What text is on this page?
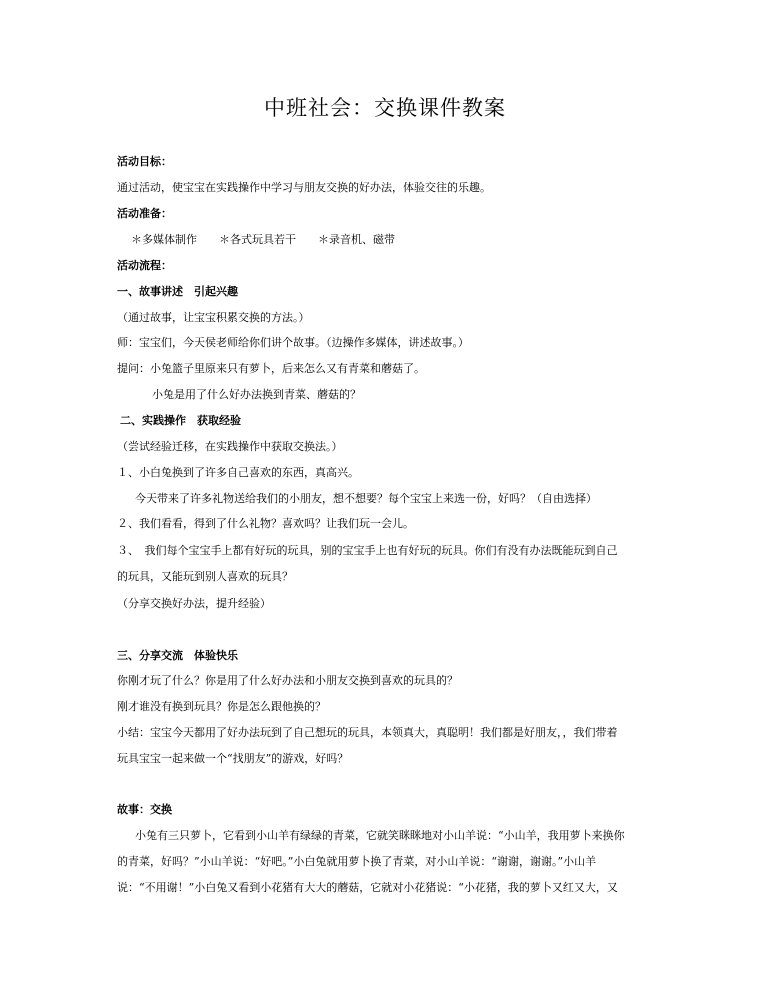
中班社会：交换课件教案
活动目标：
通过活动，使宝宝在实践操作中学习与朋友交换的好办法，体验交往的乐趣。
活动准备：
＊多媒体制作　　＊各式玩具若干　　＊录音机、磁带
活动流程：
一、故事讲述　引起兴趣
（通过故事，让宝宝积累交换的方法。）
师：宝宝们，今天侯老师给你们讲个故事。（边操作多媒体，讲述故事。）
提问：小兔篮子里原来只有萝卜，后来怎么又有青菜和蘑菇了。
小兔是用了什么好办法换到青菜、蘑菇的？
二、实践操作　获取经验
（尝试经验迁移，在实践操作中获取交换法。）
１、小白兔换到了许多自己喜欢的东西，真高兴。
今天带来了许多礼物送给我们的小朋友，想不想要？每个宝宝上来选一份，好吗？（自由选择）
２、我们看看，得到了什么礼物？喜欢吗？让我们玩一会儿。
３、　我们每个宝宝手上都有好玩的玩具，别的宝宝手上也有好玩的玩具。你们有没有办法既能玩到自己
的玩具，又能玩到别人喜欢的玩具？
（分享交换好办法，提升经验）
三、分享交流　体验快乐
你刚才玩了什么？你是用了什么好办法和小朋友交换到喜欢的玩具的？
刚才谁没有换到玩具？你是怎么跟他换的？
小结：宝宝今天都用了好办法玩到了自己想玩的玩具，本领真大，真聪明！我们都是好朋友，，我们带着
玩具宝宝一起来做一个“找朋友”的游戏，好吗？
故事：交换
小兔有三只萝卜，它看到小山羊有绿绿的青菜，它就笑眯眯地对小山羊说：“小山羊，我用萝卜来换你
的青菜，好吗？”小山羊说：“好吧。”小白兔就用萝卜换了青菜，对小山羊说：“谢谢，谢谢。”小山羊
说：“不用谢！”小白兔又看到小花猪有大大的蘑菇，它就对小花猪说：“小花猪，我的萝卜又红又大，又
